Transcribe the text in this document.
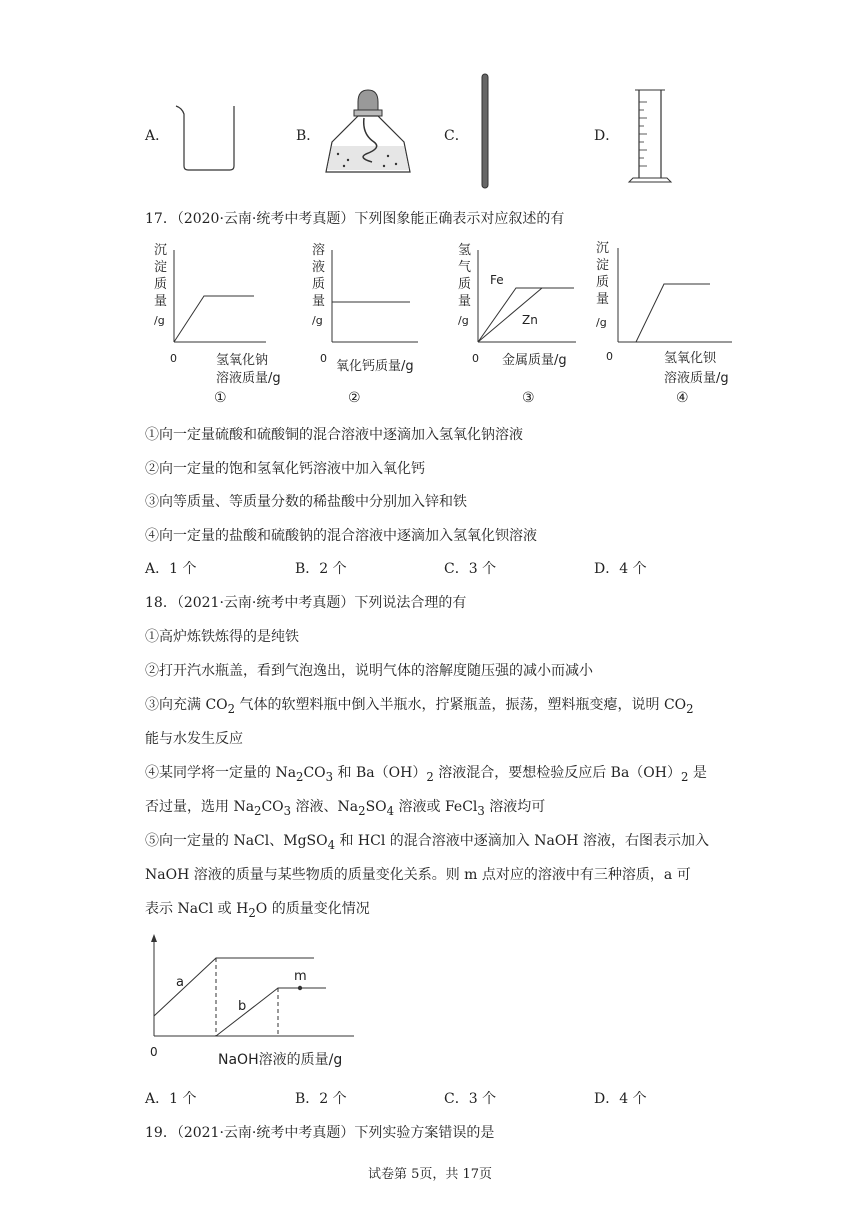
A．	B．	C．	D．
17．（2020·云南·统考中考真题）下列图象能正确表示对应叙述的有
沉
淀
质
量
/g
0	氢氧化钠
溶液质量/g
①
溶
液
质
量
/g
0
氧化钙质量/g
②
氢
气
质
量
/g
0
Fe
Zn
金属质量/g
③
沉
淀
质
量
/g
0	氢氧化钡
溶液质量/g
④
①向一定量硫酸和硫酸铜的混合溶液中逐滴加入氢氧化钠溶液
②向一定量的饱和氢氧化钙溶液中加入氧化钙
③向等质量、等质量分数的稀盐酸中分别加入锌和铁
④向一定量的盐酸和硫酸钠的混合溶液中逐滴加入氢氧化钡溶液
A．1 个	B．2 个	C．3 个	D．4 个
18．（2021·云南·统考中考真题）下列说法合理的有
①高炉炼铁炼得的是纯铁
②打开汽水瓶盖，看到气泡逸出，说明气体的溶解度随压强的减小而减小
③向充满 $CO_2$ 气体的软塑料瓶中倒入半瓶水，拧紧瓶盖，振荡，塑料瓶变瘪，说明 $CO_2$
能与水发生反应
④某同学将一定量的 $Na_2CO_3$ 和 $Ba(OH)_2$ 溶液混合，要想检验反应后 $Ba(OH)_2$ 是
否过量，选用 $Na_2CO_3$ 溶液、$Na_2SO_4$ 溶液或 FeCl$_3$ 溶液均可
⑤向一定量的 NaCl、MgSO$_4$ 和 HCl 的混合溶液中逐滴加入 NaOH 溶液，右图表示加入
NaOH 溶液的质量与某些物质的质量变化关系。则 m 点对应的溶液中有三种溶质，a 可
表示 NaCl 或 $H_2O$ 的质量变化情况
a
b
m
0	NaOH溶液的质量/g
A．1 个	B．2 个	C．3 个	D．4 个
19．（2021·云南·统考中考真题）下列实验方案错误的是
试卷第 5页，共 17页
